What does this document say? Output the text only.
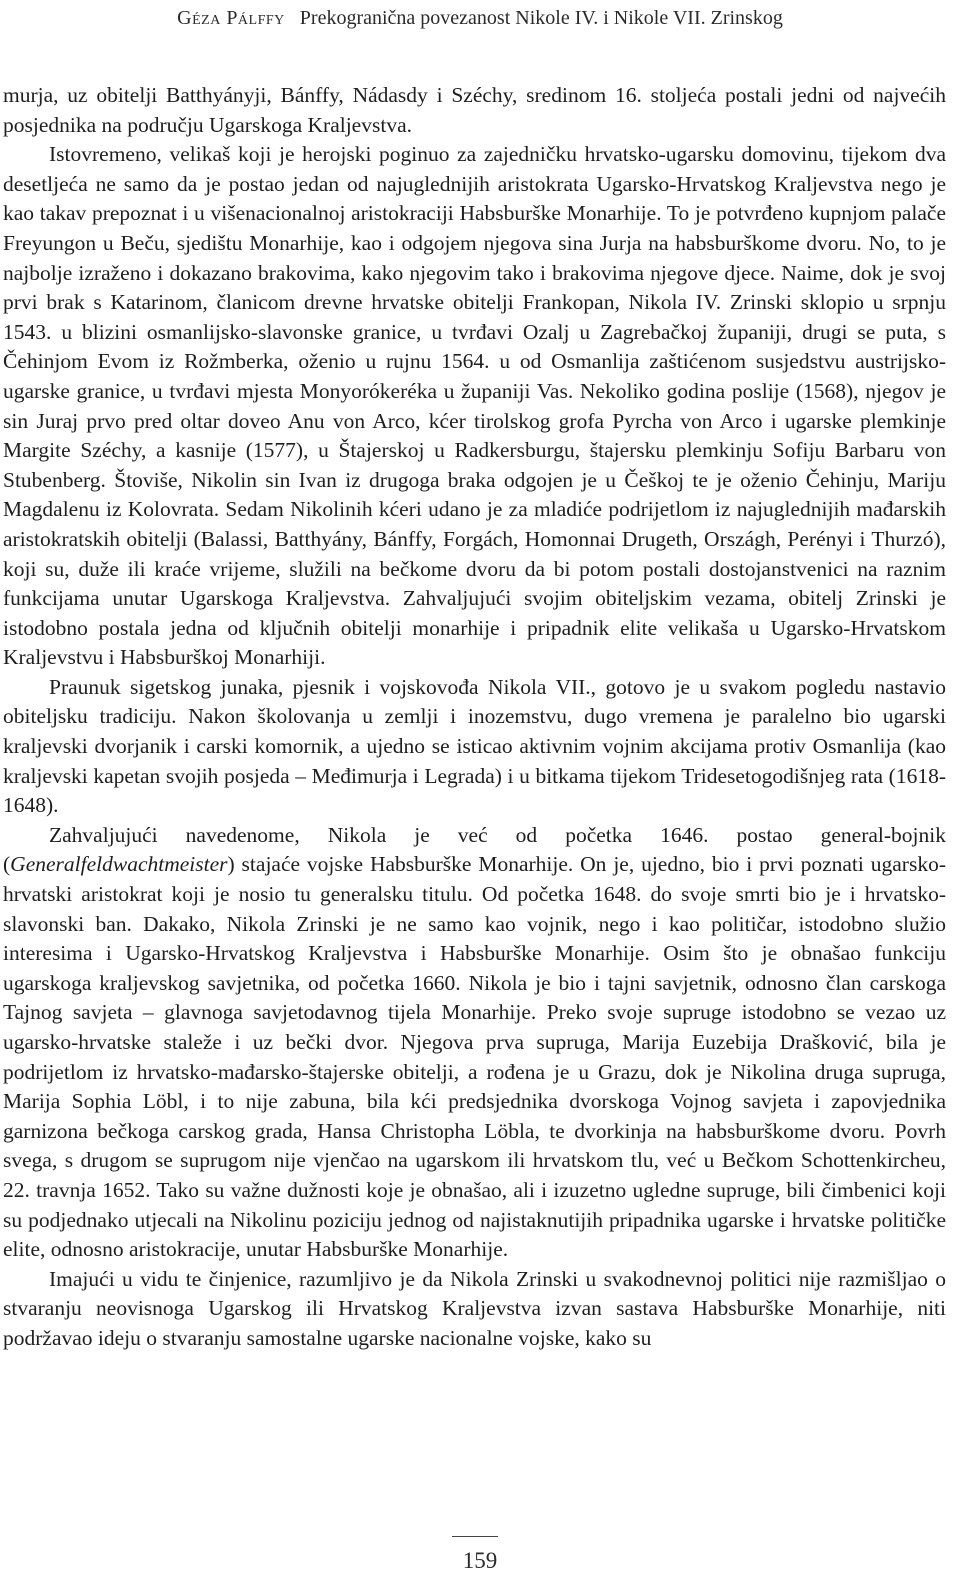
Géza Pálffy Prekogranična povezanost Nikole IV. i Nikole VII. Zrinskog

murja, uz obitelji Batthyányji, Bánffy, Nádasdy i Széchy, sredinom 16. stoljeća postali jedni od najvećih posjednika na području Ugarskoga Kraljevstva.

Istovremeno, velikaš koji je herojski poginuo za zajedničku hrvatsko-ugarsku domovinu, tijekom dva desetljeća ne samo da je postao jedan od najuglednijih aristokrata Ugarsko-Hrvatskog Kraljevstva nego je kao takav prepoznat i u višenacionalnoj aristokraciji Habsburške Monarhije. To je potvrđeno kupnjom palače Freyungon u Beču, sjedištu Monarhije, kao i odgojem njegova sina Jurja na habsburškome dvoru. No, to je najbolje izraženo i dokazano brakovima, kako njegovim tako i brakovima njegove djece. Naime, dok je svoj prvi brak s Katarinom, članicom drevne hrvatske obitelji Frankopan, Nikola IV. Zrinski sklopio u srpnju 1543. u blizini osmanlijsko-slavonske granice, u tvrđavi Ozalj u Zagrebačkoj županiji, drugi se puta, s Čehinjom Evom iz Rožmberka, oženio u rujnu 1564. u od Osmanlija zaštićenom susjedstvu austrijsko-ugarske granice, u tvrđavi mjesta Monyorókeréka u županiji Vas. Nekoliko godina poslije (1568), njegov je sin Juraj prvo pred oltar doveo Anu von Arco, kćer tirolskog grofa Pyrcha von Arco i ugarske plemkinje Margite Széchy, a kasnije (1577), u Štajerskoj u Radkersburgu, štajersku plemkinju Sofiju Barbaru von Stubenberg. Štoviše, Nikolin sin Ivan iz drugoga braka odgojen je u Češkoj te je oženio Čehinju, Mariju Magdalenu iz Kolovrata. Sedam Nikolinih kćeri udano je za mladiće podrijetlom iz najuglednijih mađarskih aristokratskih obitelji (Balassi, Batthyány, Bánffy, Forgách, Homonnai Drugeth, Országh, Perényi i Thurzó), koji su, duže ili kraće vrijeme, služili na bečkome dvoru da bi potom postali dostojanstvenici na raznim funkcijama unutar Ugarskoga Kraljevstva. Zahvaljujući svojim obiteljskim vezama, obitelj Zrinski je istodobno postala jedna od ključnih obitelji monarhije i pripadnik elite velikaša u Ugarsko-Hrvatskom Kraljevstvu i Habsburškoj Monarhiji.

Praunuk sigetskog junaka, pjesnik i vojskovođa Nikola VII., gotovo je u svakom pogledu nastavio obiteljsku tradiciju. Nakon školovanja u zemlji i inozemstvu, dugo vremena je paralelno bio ugarski kraljevski dvorjanik i carski komornik, a ujedno se isticao aktivnim vojnim akcijama protiv Osmanlija (kao kraljevski kapetan svojih posjeda – Međimurja i Legrada) i u bitkama tijekom Tridesetogodišnjeg rata (1618-1648).

Zahvaljujući navedenome, Nikola je već od početka 1646. postao general-bojnik (Generalfeldwachtmeister) stajaće vojske Habsburške Monarhije. On je, ujedno, bio i prvi poznati ugarsko-hrvatski aristokrat koji je nosio tu generalsku titulu. Od početka 1648. do svoje smrti bio je i hrvatsko-slavonski ban. Dakako, Nikola Zrinski je ne samo kao vojnik, nego i kao političar, istodobno služio interesima i Ugarsko-Hrvatskog Kraljevstva i Habsburške Monarhije. Osim što je obnašao funkciju ugarskoga kraljevskog savjetnika, od početka 1660. Nikola je bio i tajni savjetnik, odnosno član carskoga Tajnog savjeta – glavnoga savjetodavnog tijela Monarhije. Preko svoje supruge istodobno se vezao uz ugarsko-hrvatske staleže i uz bečki dvor. Njegova prva supruga, Marija Euzebija Drašković, bila je podrijetlom iz hrvatsko-mađarsko-štajerske obitelji, a rođena je u Grazu, dok je Nikolina druga supruga, Marija Sophia Löbl, i to nije zabuna, bila kći predsjednika dvorskoga Vojnog savjeta i zapovjednika garnizona bečkoga carskog grada, Hansa Christopha Löbla, te dvorkinja na habsburškome dvoru. Povrh svega, s drugom se suprugom nije vjenčao na ugarskom ili hrvatskom tlu, već u Bečkom Schottenkircheu, 22. travnja 1652. Tako su važne dužnosti koje je obnašao, ali i izuzetno ugledne supruge, bili čimbenici koji su podjednako utjecali na Nikolinu poziciju jednog od najistaknutijih pripadnika ugarske i hrvatske političke elite, odnosno aristokracije, unutar Habsburške Monarhije.

Imajući u vidu te činjenice, razumljivo je da Nikola Zrinski u svakodnevnoj politici nije razmišljao o stvaranju neovisnoga Ugarskog ili Hrvatskog Kraljevstva izvan sastava Habsburške Monarhije, niti podržavao ideju o stvaranju samostalne ugarske nacionalne vojske, kako su

159
